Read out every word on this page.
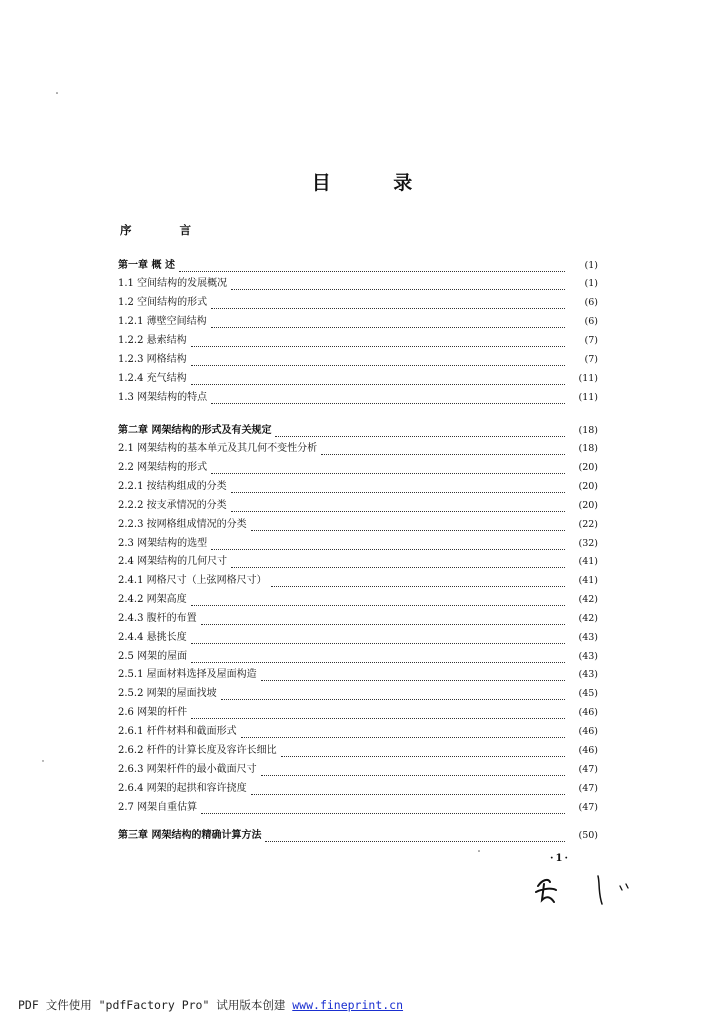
目 录
序 言
第一章 概 述	(1)
1.1 空间结构的发展概况	(1)
1.2 空间结构的形式	(6)
1.2.1 薄壁空间结构	(6)
1.2.2 悬索结构	(7)
1.2.3 网格结构	(7)
1.2.4 充气结构	(11)
1.3 网架结构的特点	(11)
第二章 网架结构的形式及有关规定	(18)
2.1 网架结构的基本单元及其几何不变性分析	(18)
2.2 网架结构的形式	(20)
2.2.1 按结构组成的分类	(20)
2.2.2 按支承情况的分类	(20)
2.2.3 按网格组成情况的分类	(22)
2.3 网架结构的选型	(32)
2.4 网架结构的几何尺寸	(41)
2.4.1 网格尺寸（上弦网格尺寸）	(41)
2.4.2 网架高度	(42)
2.4.3 腹杆的布置	(42)
2.4.4 悬挑长度	(43)
2.5 网架的屋面	(43)
2.5.1 屋面材料选择及屋面构造	(43)
2.5.2 网架的屋面找坡	(45)
2.6 网架的杆件	(46)
2.6.1 杆件材料和截面形式	(46)
2.6.2 杆件的计算长度及容许长细比	(46)
2.6.3 网架杆件的最小截面尺寸	(47)
2.6.4 网架的起拱和容许挠度	(47)
2.7 网架自重估算	(47)
第三章 网架结构的精确计算方法	(50)
·1·
PDF 文件使用 "pdfFactory Pro" 试用版本创建 www.fineprint.cn
